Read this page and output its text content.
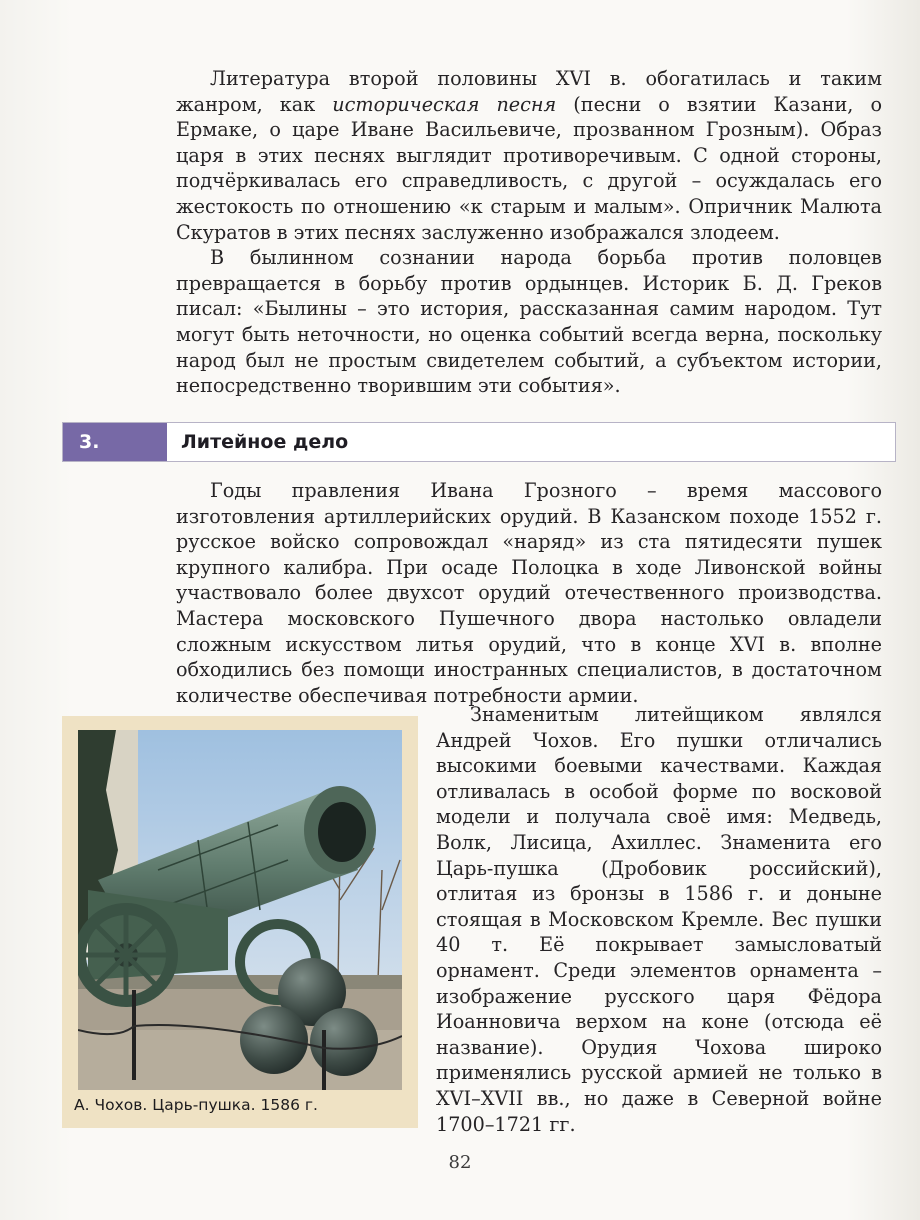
Литература второй половины XVI в. обогатилась и таким жанром, как историческая песня (песни о взятии Казани, о Ермаке, о царе Иване Васильевиче, прозванном Грозным). Образ царя в этих песнях выглядит противоречивым. С одной стороны, подчёркивалась его справедливость, с другой – осуждалась его жестокость по отношению «к старым и малым». Опричник Малюта Скуратов в этих песнях заслуженно изображался злодеем.

В былинном сознании народа борьба против половцев превращается в борьбу против ордынцев. Историк Б. Д. Греков писал: «Былины – это история, рассказанная самим народом. Тут могут быть неточности, но оценка событий всегда верна, поскольку народ был не простым свидетелем событий, а субъектом истории, непосредственно творившим эти события».

3.	Литейное дело

Годы правления Ивана Грозного – время массового изготовления артиллерийских орудий. В Казанском походе 1552 г. русское войско сопровождал «наряд» из ста пятидесяти пушек крупного калибра. При осаде Полоцка в ходе Ливонской войны участвовало более двухсот орудий отечественного производства. Мастера московского Пушечного двора настолько овладели сложным искусством литья орудий, что в конце XVI в. вполне обходились без помощи иностранных специалистов, в достаточном количестве обеспечивая потребности армии.

А. Чохов. Царь-пушка. 1586 г.

Знаменитым литейщиком являлся Андрей Чохов. Его пушки отличались высокими боевыми качествами. Каждая отливалась в особой форме по восковой модели и получала своё имя: Медведь, Волк, Лисица, Ахиллес. Знаменита его Царь-пушка (Дробовик российский), отлитая из бронзы в 1586 г. и доныне стоящая в Московском Кремле. Вес пушки 40 т. Её покрывает замысловатый орнамент. Среди элементов орнамента – изображение русского царя Фёдора Иоанновича верхом на коне (отсюда её название). Орудия Чохова широко применялись русской армией не только в XVI–XVII вв., но даже в Северной войне 1700–1721 гг.

82
